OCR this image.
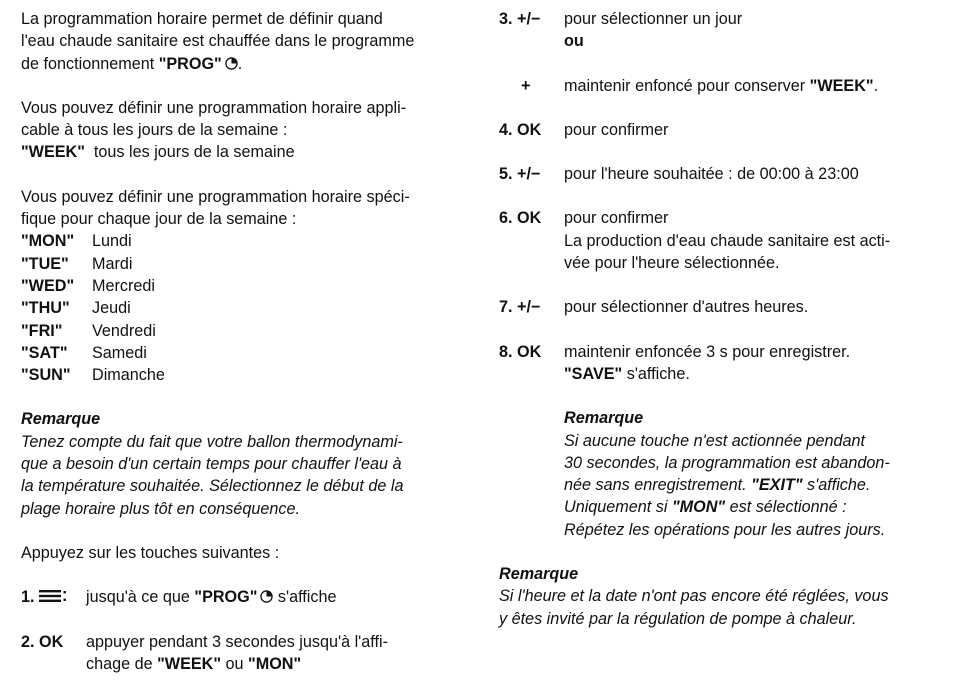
La programmation horaire permet de définir quand

l'eau chaude sanitaire est chauffée dans le programme

de fonctionnement "PROG" .

Vous pouvez définir une programmation horaire appli-

cable à tous les jours de la semaine :

"WEEK" tous les jours de la semaine

Vous pouvez définir une programmation horaire spéci-

fique pour chaque jour de la semaine :

"MON"	Lundi
"TUE"	Mardi
"WED"	Mercredi
"THU"	Jeudi
"FRI"	Vendredi
"SAT"	Samedi
"SUN"	Dimanche

Remarque

Tenez compte du fait que votre ballon thermodynami-

que a besoin d'un certain temps pour chauffer l'eau à

la température souhaitée. Sélectionnez le début de la

plage horaire plus tôt en conséquence.

Appuyez sur les touches suivantes :

1.	jusqu'à ce que "PROG" s'affiche
2. OK	appuyer pendant 3 secondes jusqu'à l'affi-

chage de "WEEK" ou "MON"

3. +/−	pour sélectionner un jour

ou

+	maintenir enfoncé pour conserver "WEEK".
4. OK	pour confirmer
5. +/−	pour l'heure souhaitée : de 00:00 à 23:00
6. OK	pour confirmer

La production d'eau chaude sanitaire est acti-

vée pour l'heure sélectionnée.

7. +/−	pour sélectionner d'autres heures.
8. OK	maintenir enfoncée 3 s pour enregistrer.

"SAVE" s'affiche.

Remarque

Si aucune touche n'est actionnée pendant

30 secondes, la programmation est abandon-

née sans enregistrement. "EXIT" s'affiche.

Uniquement si "MON" est sélectionné :

Répétez les opérations pour les autres jours.

Remarque

Si l'heure et la date n'ont pas encore été réglées, vous

y êtes invité par la régulation de pompe à chaleur.
